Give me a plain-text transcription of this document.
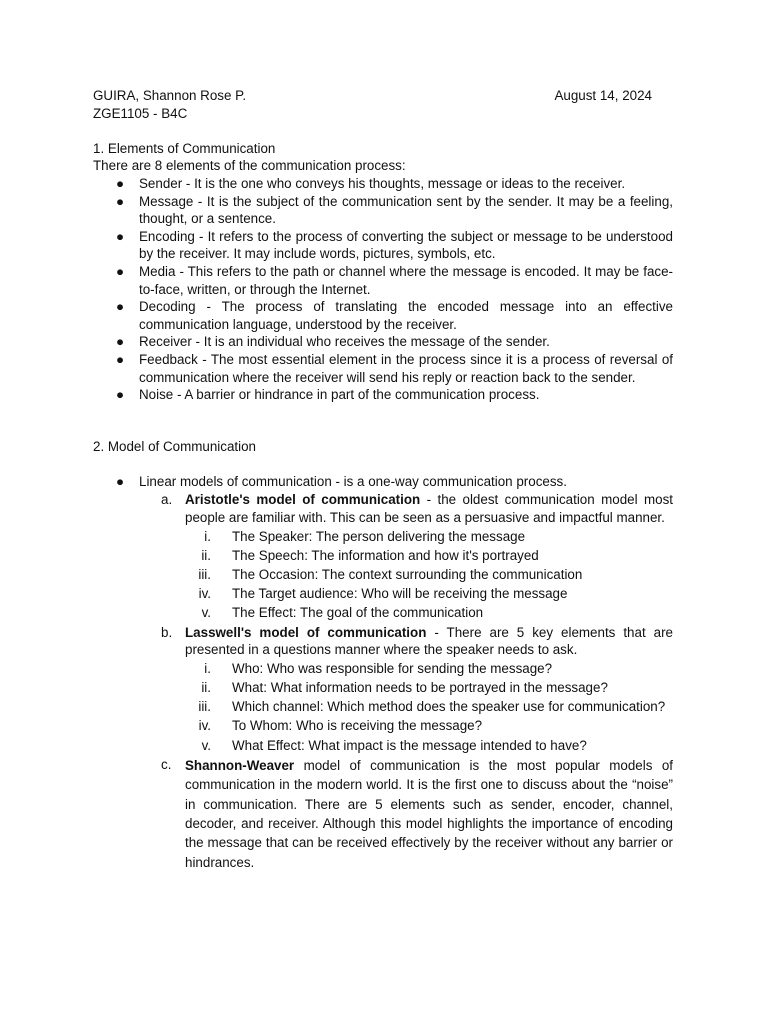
GUIRA, Shannon Rose P.	August 14, 2024
ZGE1105 - B4C
1. Elements of Communication
There are 8 elements of the communication process:
● Sender - It is the one who conveys his thoughts, message or ideas to the receiver.
● Message - It is the subject of the communication sent by the sender. It may be a feeling, thought, or a sentence.
● Encoding - It refers to the process of converting the subject or message to be understood by the receiver. It may include words, pictures, symbols, etc.
● Media - This refers to the path or channel where the message is encoded. It may be face-to-face, written, or through the Internet.
● Decoding - The process of translating the encoded message into an effective communication language, understood by the receiver.
● Receiver - It is an individual who receives the message of the sender.
● Feedback - The most essential element in the process since it is a process of reversal of communication where the receiver will send his reply or reaction back to the sender.
● Noise - A barrier or hindrance in part of the communication process.
2. Model of Communication
● Linear models of communication - is a one-way communication process.
a. Aristotle's model of communication - the oldest communication model most people are familiar with. This can be seen as a persuasive and impactful manner.
i. The Speaker: The person delivering the message
ii. The Speech: The information and how it's portrayed
iii. The Occasion: The context surrounding the communication
iv. The Target audience: Who will be receiving the message
v. The Effect: The goal of the communication
b. Lasswell's model of communication - There are 5 key elements that are presented in a questions manner where the speaker needs to ask.
i. Who: Who was responsible for sending the message?
ii. What: What information needs to be portrayed in the message?
iii. Which channel: Which method does the speaker use for communication?
iv. To Whom: Who is receiving the message?
v. What Effect: What impact is the message intended to have?
c. Shannon-Weaver model of communication is the most popular models of communication in the modern world. It is the first one to discuss about the “noise” in communication. There are 5 elements such as sender, encoder, channel, decoder, and receiver. Although this model highlights the importance of encoding the message that can be received effectively by the receiver without any barrier or hindrances.
